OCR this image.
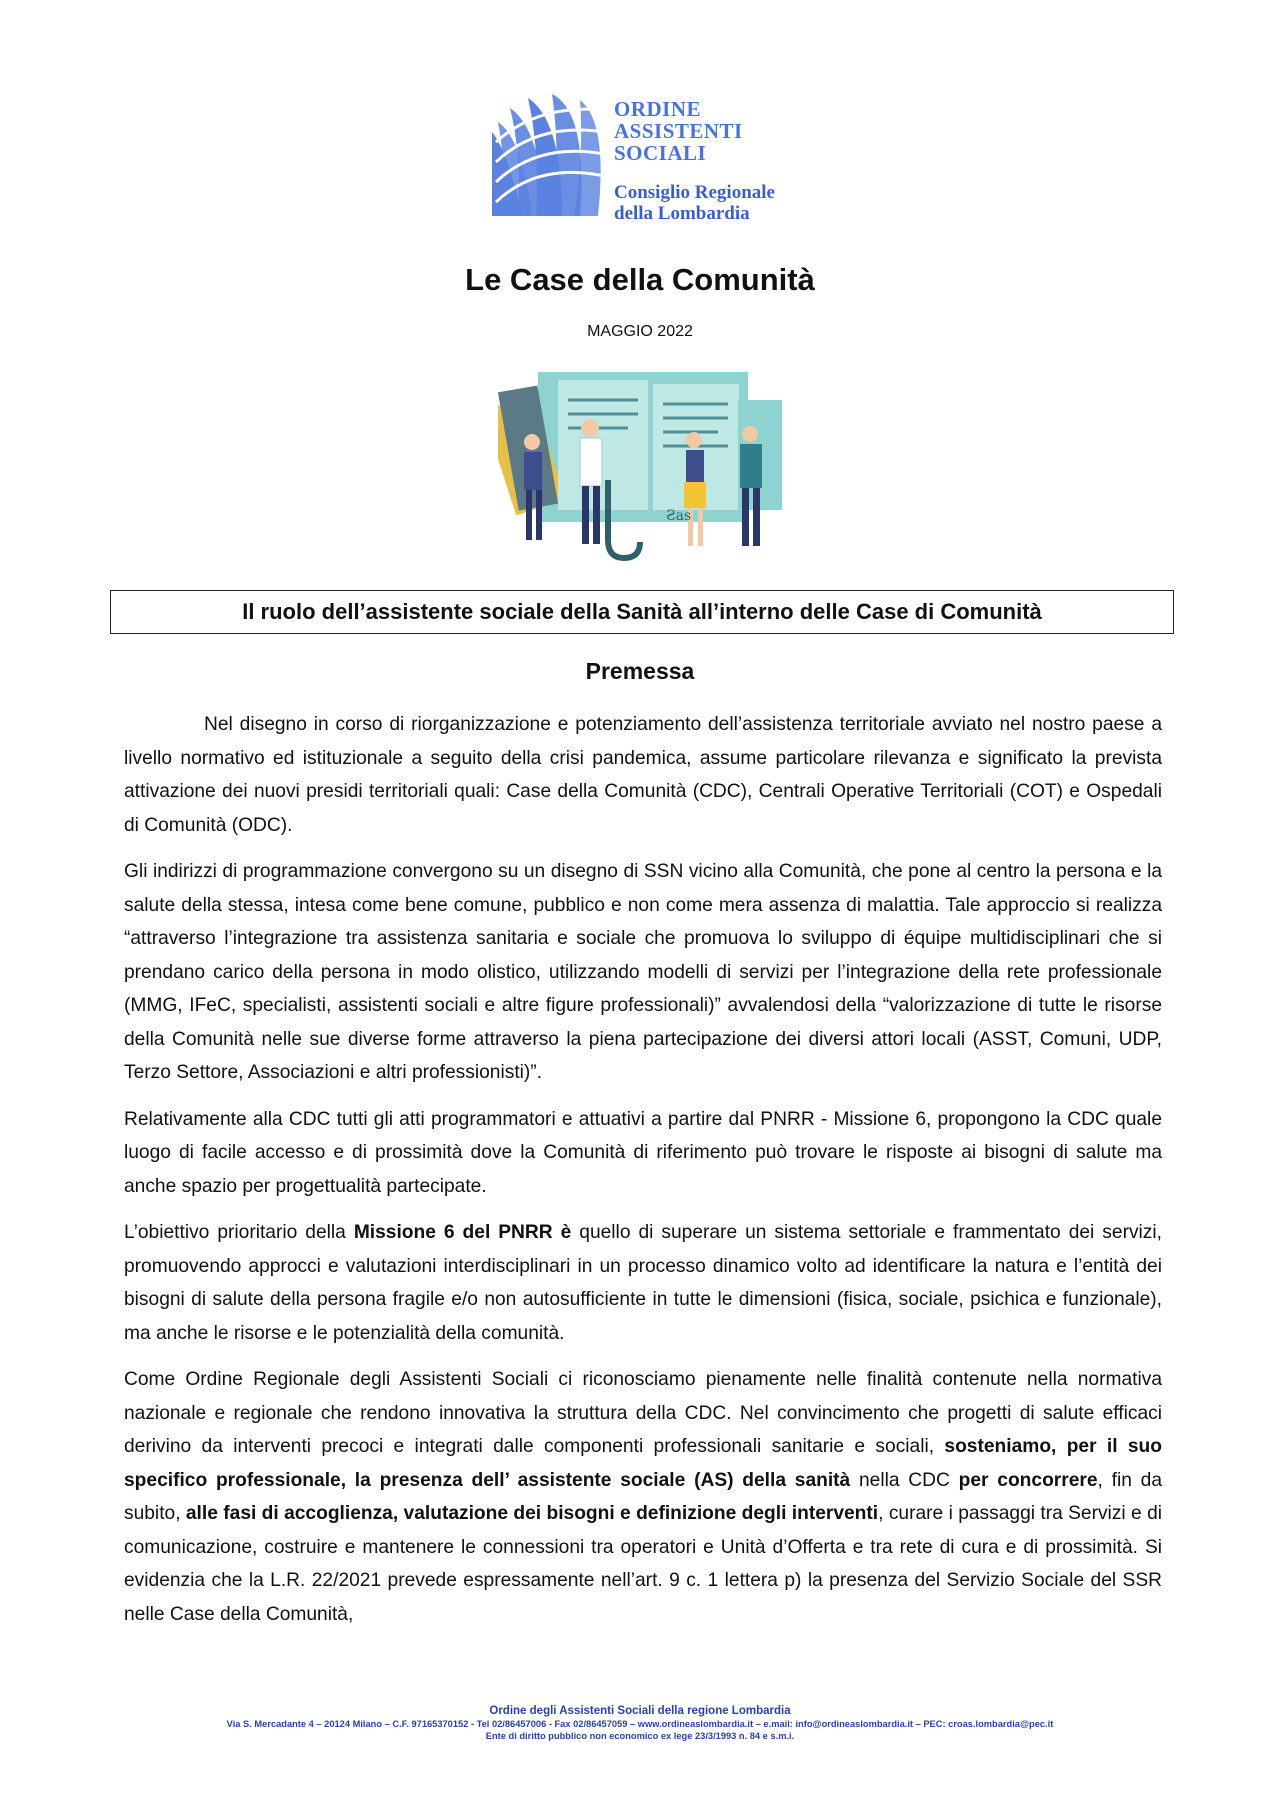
ORDINE
ASSISTENTI
SOCIALI
Consiglio Regionale
della Lombardia
Le Case della Comunità
MAGGIO 2022
Ƨas
Il ruolo dell’assistente sociale della Sanità all’interno delle Case di Comunità
Premessa

Nel disegno in corso di riorganizzazione e potenziamento dell’assistenza territoriale avviato nel nostro paese a livello normativo ed istituzionale a seguito della crisi pandemica, assume particolare rilevanza e significato la prevista attivazione dei nuovi presidi territoriali quali: Case della Comunità (CDC), Centrali Operative Territoriali (COT) e Ospedali di Comunità (ODC).

Gli indirizzi di programmazione convergono su un disegno di SSN vicino alla Comunità, che pone al centro la persona e la salute della stessa, intesa come bene comune, pubblico e non come mera assenza di malattia. Tale approccio si realizza “attraverso l’integrazione tra assistenza sanitaria e sociale che promuova lo sviluppo di équipe multidisciplinari che si prendano carico della persona in modo olistico, utilizzando modelli di servizi per l’integrazione della rete professionale (MMG, IFeC, specialisti, assistenti sociali e altre figure professionali)” avvalendosi della “valorizzazione di tutte le risorse della Comunità nelle sue diverse forme attraverso la piena partecipazione dei diversi attori locali (ASST, Comuni, UDP, Terzo Settore, Associazioni e altri professionisti)”.

Relativamente alla CDC tutti gli atti programmatori e attuativi a partire dal PNRR - Missione 6, propongono la CDC quale luogo di facile accesso e di prossimità dove la Comunità di riferimento può trovare le risposte ai bisogni di salute ma anche spazio per progettualità partecipate.

L’obiettivo prioritario della Missione 6 del PNRR è quello di superare un sistema settoriale e frammentato dei servizi, promuovendo approcci e valutazioni interdisciplinari in un processo dinamico volto ad identificare la natura e l’entità dei bisogni di salute della persona fragile e/o non autosufficiente in tutte le dimensioni (fisica, sociale, psichica e funzionale), ma anche le risorse e le potenzialità della comunità.

Come Ordine Regionale degli Assistenti Sociali ci riconosciamo pienamente nelle finalità contenute nella normativa nazionale e regionale che rendono innovativa la struttura della CDC. Nel convincimento che progetti di salute efficaci derivino da interventi precoci e integrati dalle componenti professionali sanitarie e sociali, sosteniamo, per il suo specifico professionale, la presenza dell’ assistente sociale (AS) della sanità nella CDC per concorrere, fin da subito, alle fasi di accoglienza, valutazione dei bisogni e definizione degli interventi, curare i passaggi tra Servizi e di comunicazione, costruire e mantenere le connessioni tra operatori e Unità d’Offerta e tra rete di cura e di prossimità. Si evidenzia che la L.R. 22/2021 prevede espressamente nell’art. 9 c. 1 lettera p) la presenza del Servizio Sociale del SSR nelle Case della Comunità,

Ordine degli Assistenti Sociali della regione Lombardia
Via S. Mercadante 4 – 20124 Milano – C.F. 97165370152 - Tel 02/86457006 - Fax 02/86457059 – www.ordineaslombardia.it – e.mail: info@ordineaslombardia.it – PEC: croas.lombardia@pec.it
Ente di diritto pubblico non economico ex lege 23/3/1993 n. 84 e s.m.i.
